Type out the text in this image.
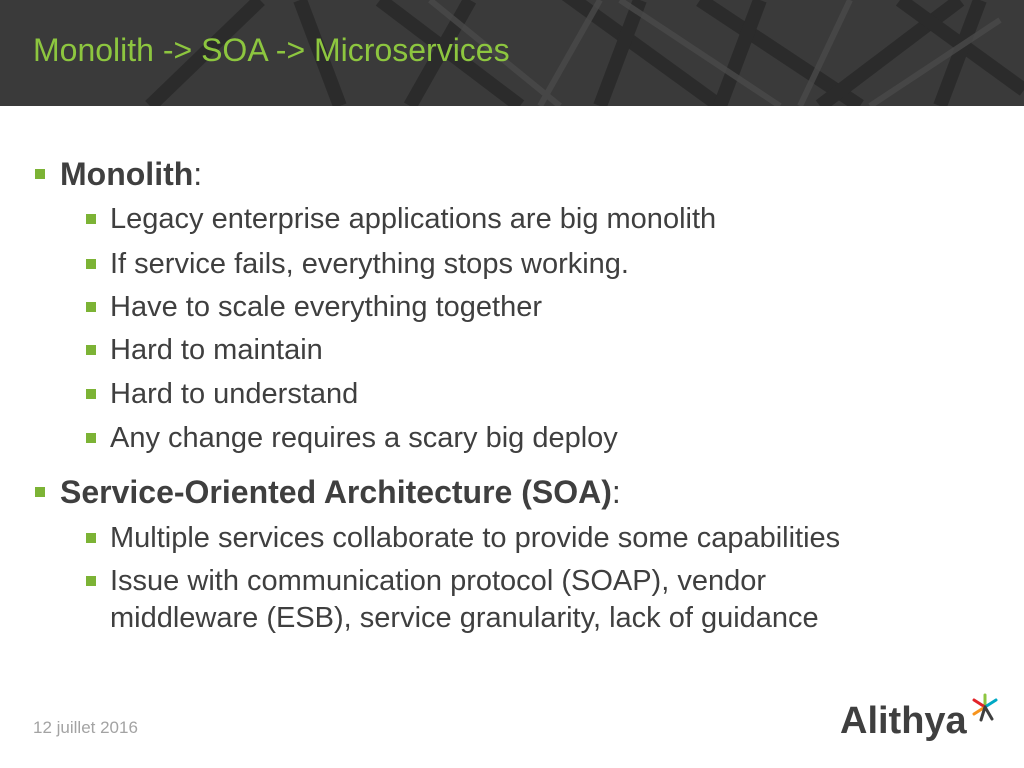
Monolith -> SOA -> Microservices
Monolith:
Legacy enterprise applications are big monolith
If service fails, everything stops working.
Have to scale everything together
Hard to maintain
Hard to understand
Any change requires a scary big deploy
Service-Oriented Architecture (SOA):
Multiple services collaborate to provide some capabilities
Issue with communication protocol (SOAP), vendor
middleware (ESB), service granularity, lack of guidance
12 juillet 2016	Alithya
